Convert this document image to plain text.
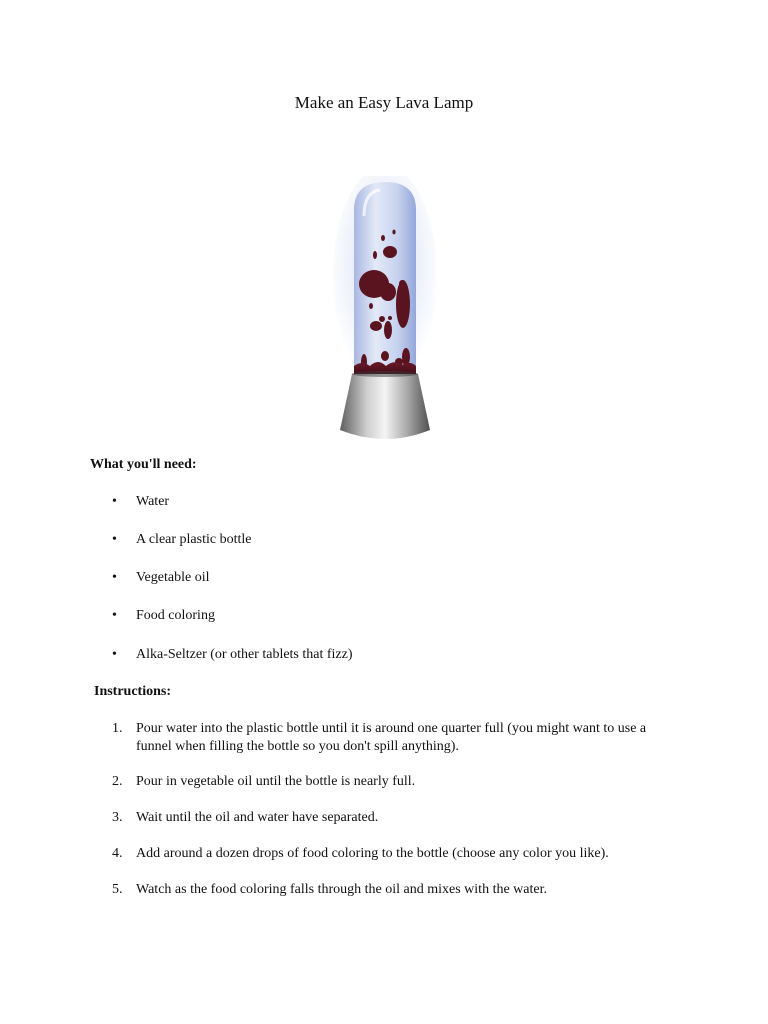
Make an Easy Lava Lamp
What you'll need:
•	Water
•	A clear plastic bottle
•	Vegetable oil
•	Food coloring
•	Alka-Seltzer (or other tablets that fizz)
Instructions:
1. Pour water into the plastic bottle until it is around one quarter full (you might want to use a funnel when filling the bottle so you don't spill anything).
2. Pour in vegetable oil until the bottle is nearly full.
3. Wait until the oil and water have separated.
4. Add around a dozen drops of food coloring to the bottle (choose any color you like).
5. Watch as the food coloring falls through the oil and mixes with the water.
